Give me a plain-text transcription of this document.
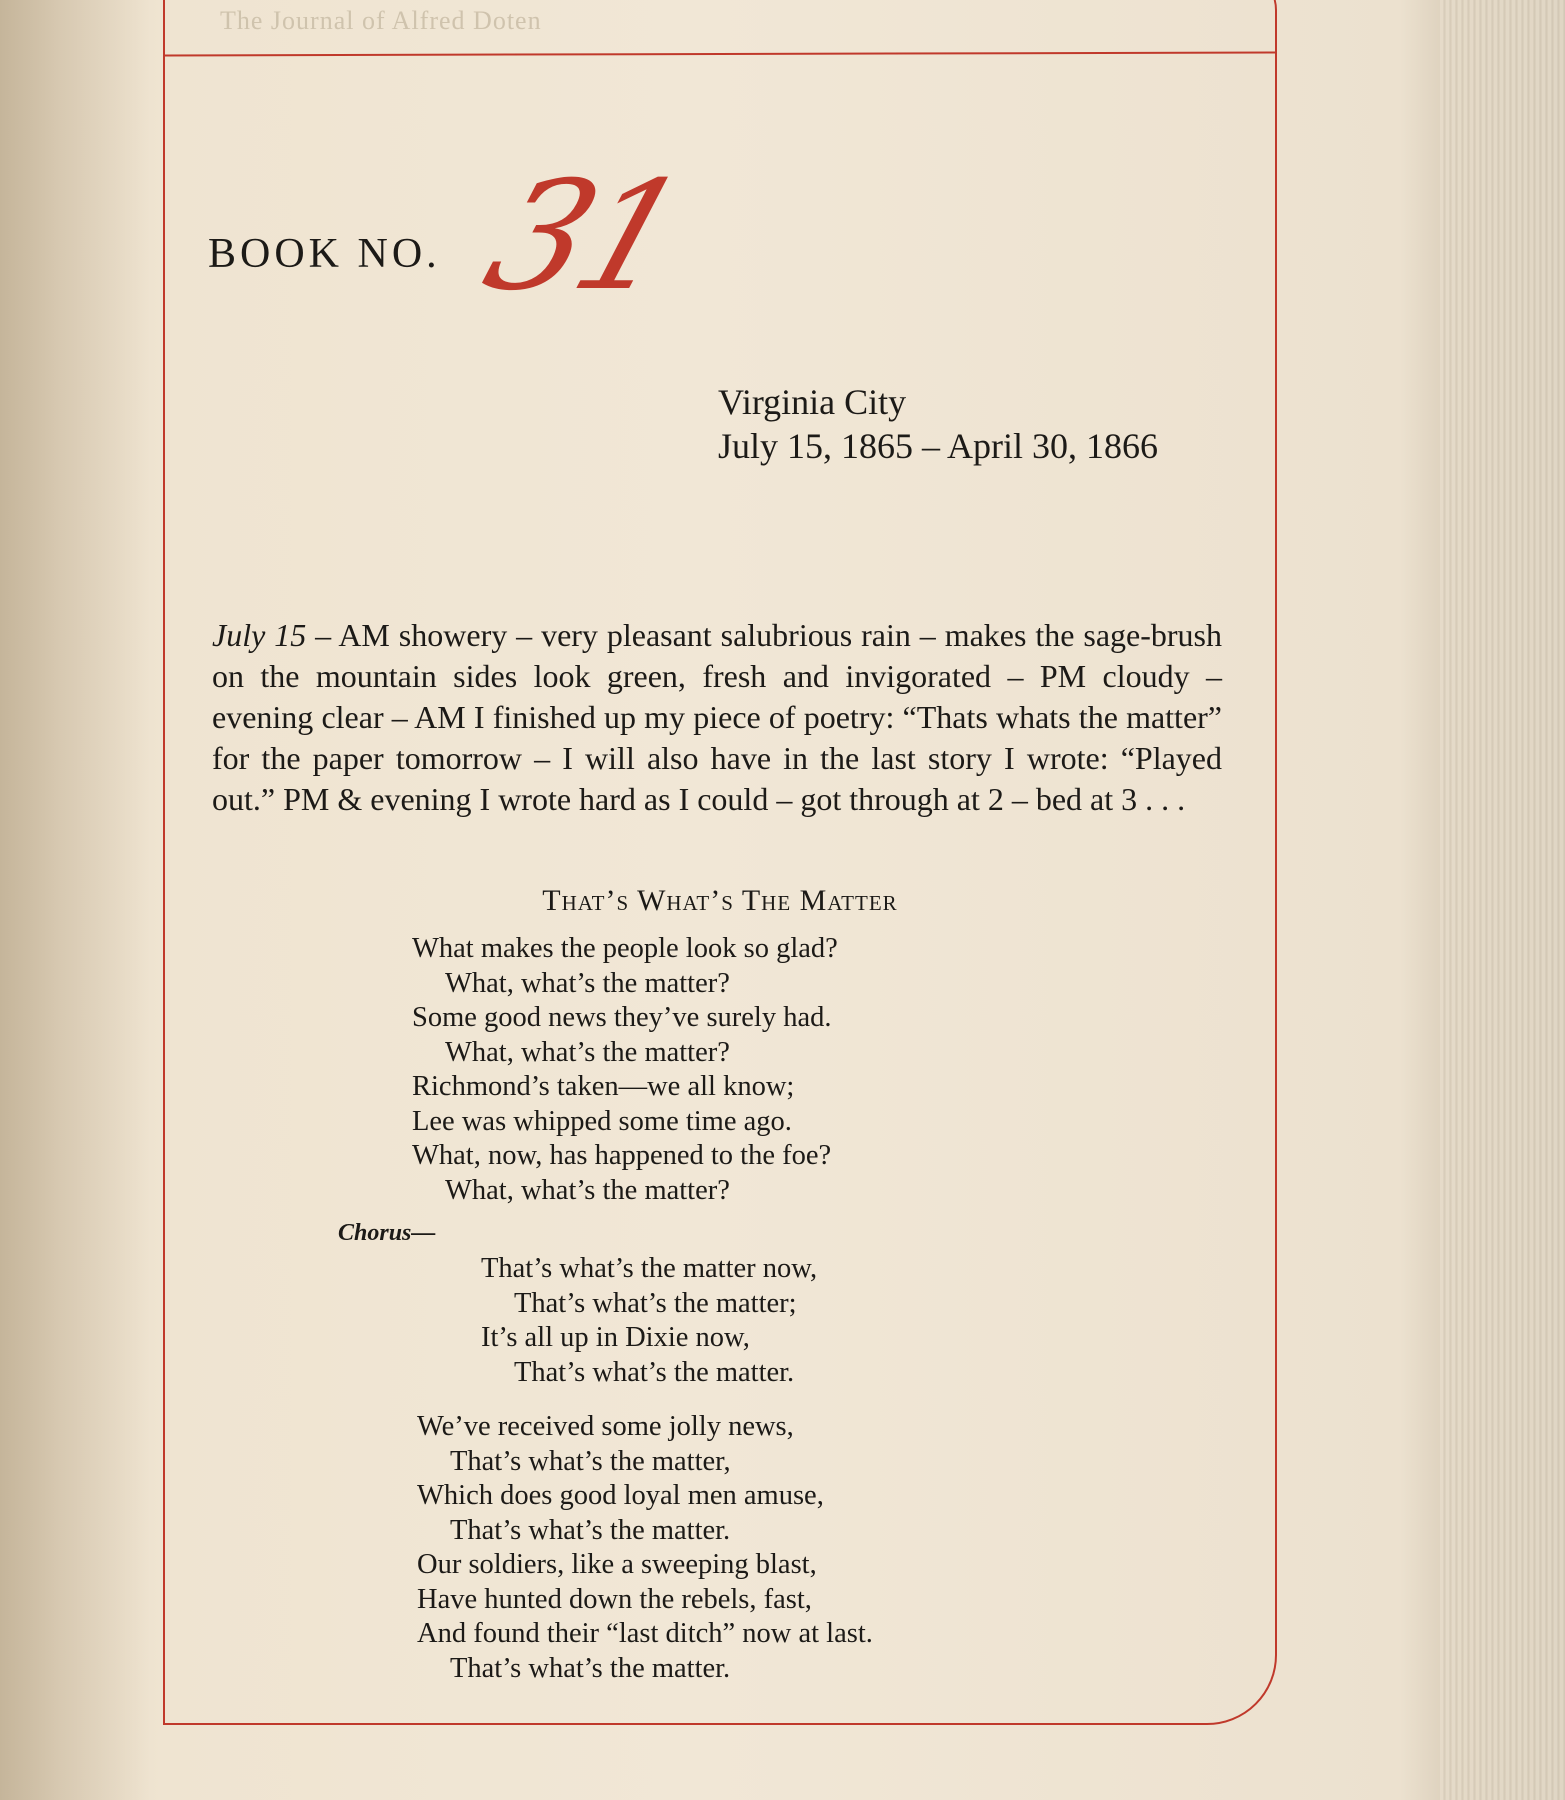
The Journal of Alfred Doten
BOOK NO. 31
Virginia City
July 15, 1865 – April 30, 1866
July 15 – AM showery – very pleasant salubrious rain – makes the sage-brush on the mountain sides look green, fresh and invigorated – PM cloudy – evening clear – AM I finished up my piece of poetry: “Thats whats the matter” for the paper tomorrow – I will also have in the last story I wrote: “Played out.” PM & evening I wrote hard as I could – got through at 2 – bed at 3 . . .
That’s What’s The Matter
What makes the people look so glad?
What, what’s the matter?
Some good news they’ve surely had.
What, what’s the matter?
Richmond’s taken—we all know;
Lee was whipped some time ago.
What, now, has happened to the foe?
What, what’s the matter?
Chorus—
That’s what’s the matter now,
That’s what’s the matter;
It’s all up in Dixie now,
That’s what’s the matter.
We’ve received some jolly news,
That’s what’s the matter,
Which does good loyal men amuse,
That’s what’s the matter.
Our soldiers, like a sweeping blast,
Have hunted down the rebels, fast,
And found their “last ditch” now at last.
That’s what’s the matter.
